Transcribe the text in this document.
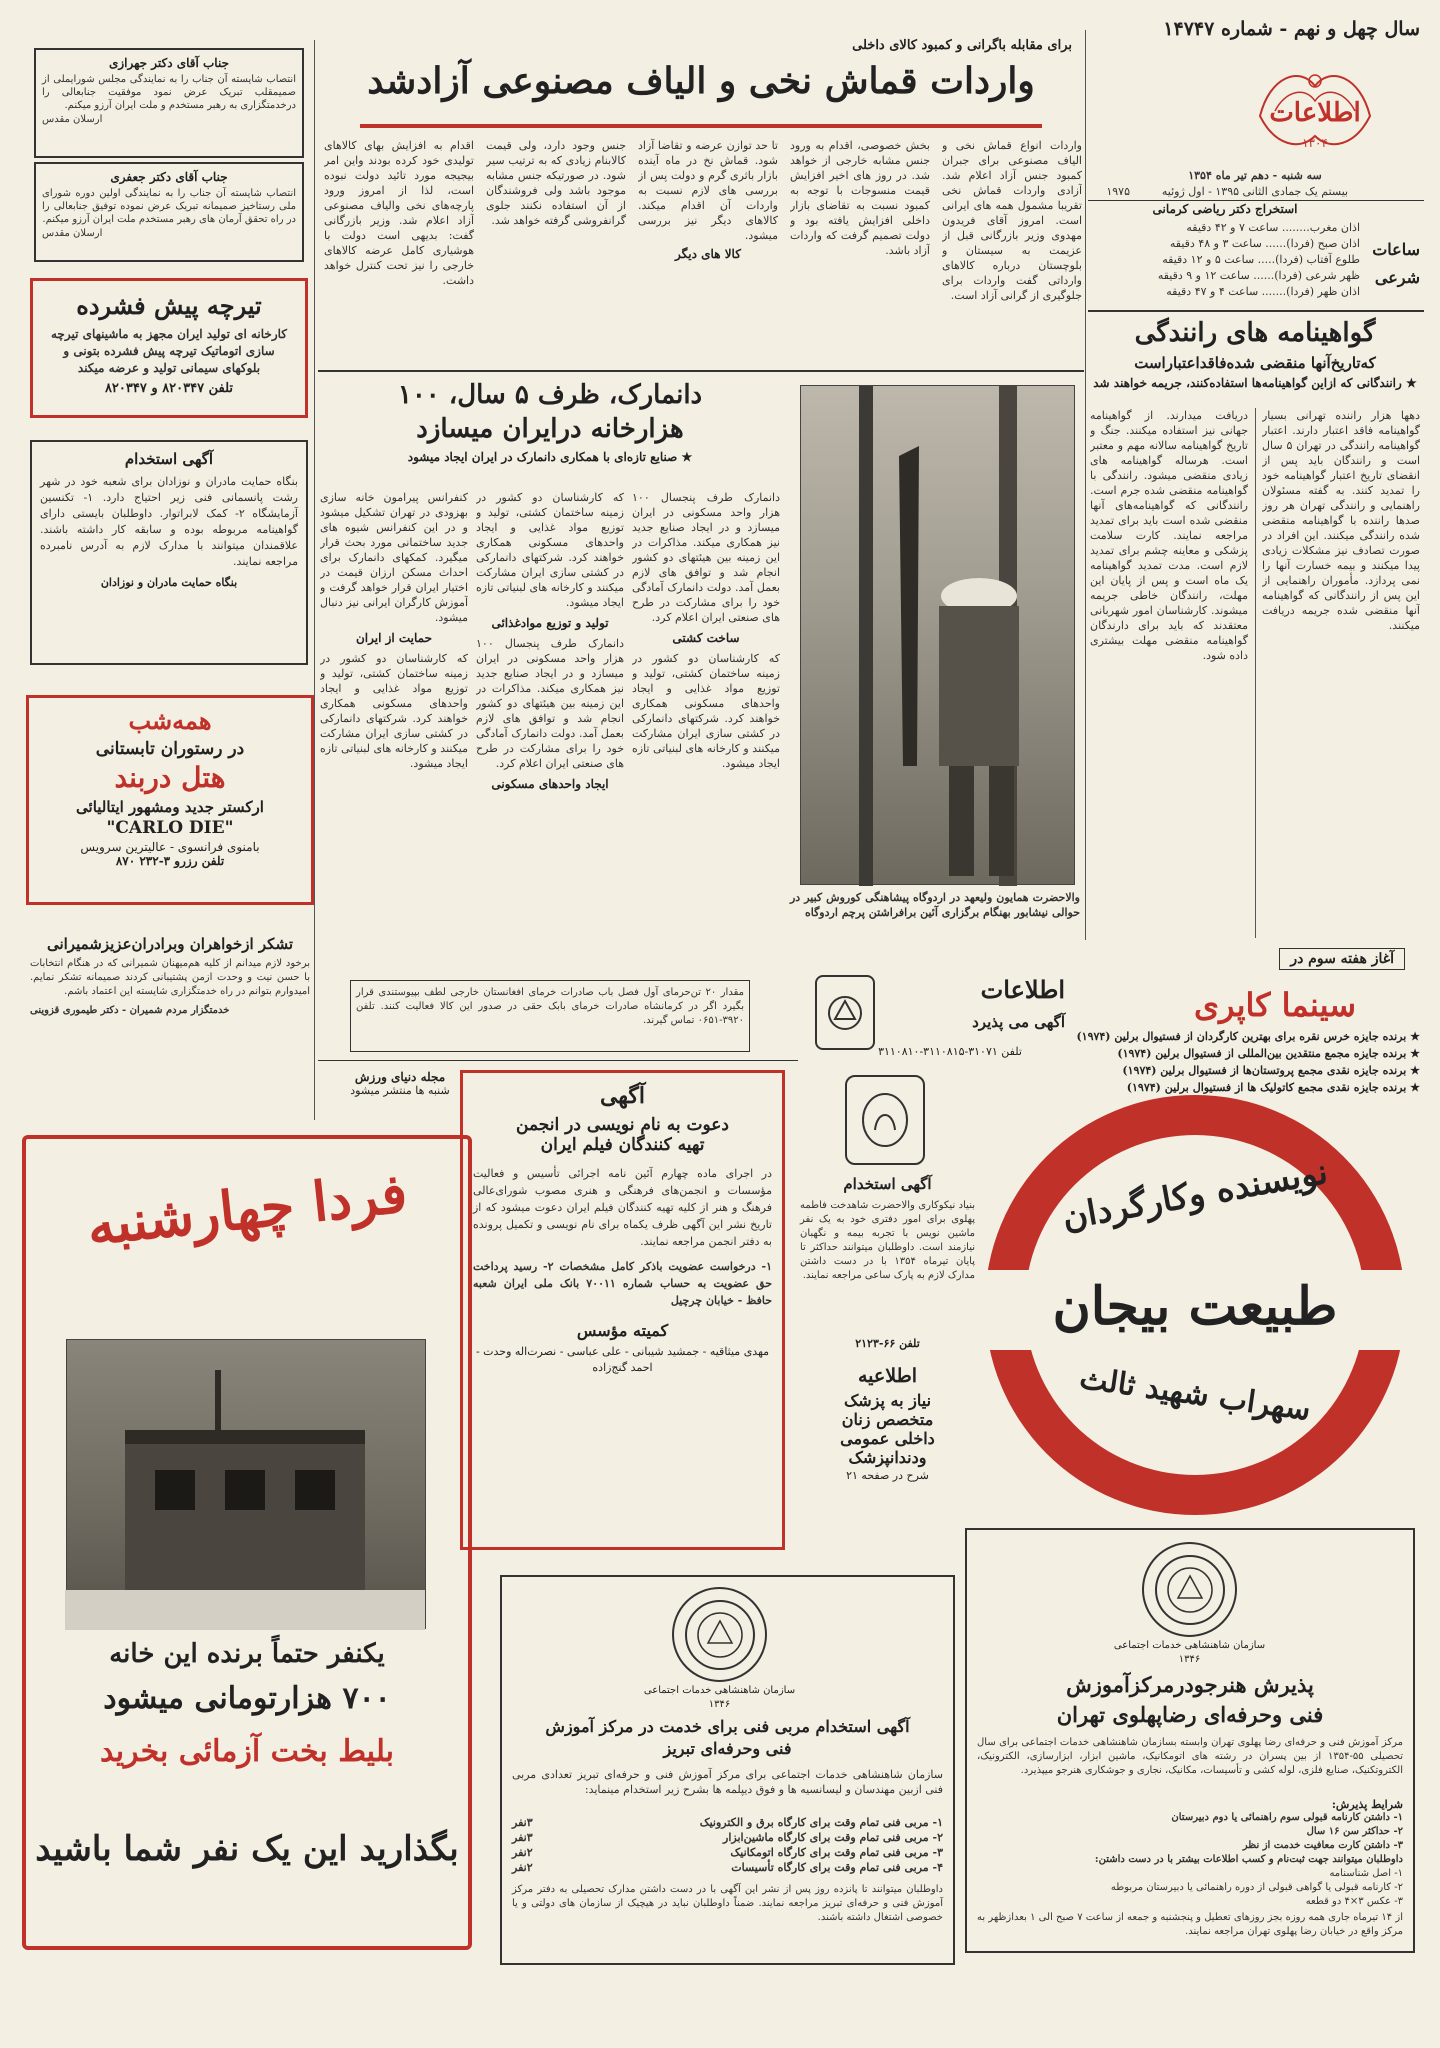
سال چهل و نهم - شماره ۱۴۷۴۷
اطلاعات
۱۳۰۴
سه شنبه - دهم تیر ماه ۱۳۵۴
بیستم یک جمادی الثانی ۱۳۹۵ - اول ژوئیه
۱۹۷۵
استخراج دکتر رياضی کرمانی
ساعات
شرعی
اذان مغرب........ ساعت ۷ و ۴۲ دقیقه
اذان صبح (فردا)...... ساعت ۳ و ۴۸ دقیقه
طلوع آفتاب (فردا)..... ساعت ۵ و ۱۲ دقیقه
ظهر شرعی (فردا)...... ساعت ۱۲ و ۹ دقیقه
اذان ظهر (فردا)....... ساعت ۴ و ۴۷ دقیقه
گواهینامه های رانندگی
که‌تاریخ‌آنها منقضی شده‌فاقداعتباراست
★ رانندگانی که ازاین گواهینامه‌ها استفاده‌کنند، جریمه خواهند شد
دهها هزار راننده تهرانی بسیار گواهینامه فاقد اعتبار دارند. اعتبار گواهینامه رانندگی در تهران ۵ سال است و رانندگان باید پس از انقضای تاریخ اعتبار گواهینامه خود را تمدید کنند. به گفته مسئولان راهنمایی و رانندگی تهران هر روز صدها راننده با گواهینامه منقضی شده رانندگی میکنند. این افراد در صورت تصادف نیز مشکلات زیادی پیدا میکنند و بیمه خسارت آنها را نمی پردازد. مأموران راهنمایی از این پس از رانندگانی که گواهینامه آنها منقضی شده جریمه دریافت میکنند.
دریافت میدارند. از گواهینامه جهانی نیز استفاده میکنند. جنگ و تاریخ گواهینامه سالانه مهم و معتبر است. هرساله گواهینامه های زیادی منقضی میشود. رانندگی با گواهینامه منقضی شده جرم است. رانندگانی که گواهینامه‌های آنها منقضی شده است باید برای تمدید مراجعه نمایند. کارت سلامت پزشکی و معاینه چشم برای تمدید لازم است. مدت تمدید گواهینامه یک ماه است و پس از پایان این مهلت، رانندگان خاطی جریمه میشوند. کارشناسان امور شهربانی معتقدند که باید برای دارندگان گواهینامه منقضی مهلت بیشتری داده شود.
جناب آقای دکتر جهرازی
انتصاب شایسته آن جناب را به نمایندگی مجلس شورایملی از صمیمقلب تبریک عرض نمود موفقیت جنابعالی را درخدمتگزاری به رهبر مستخدم و ملت ایران آرزو میکنم.
ارسلان مقدس
جناب آقای دکتر جعفری
انتصاب شایسته آن جناب را به نمایندگی اولین دوره شورای ملی رستاخیز صمیمانه تبریک عرض نموده توفیق جنابعالی را در راه تحقق آرمان های رهبر مستخدم ملت ایران آرزو میکنم.
ارسلان مقدس
تیرچه پیش فشرده
کارخانه ای تولید ایران مجهز به ماشینهای تیرچه سازی اتوماتیک تیرچه پیش فشرده بتونی و بلوکهای سیمانی تولید و عرضه میکند
تلفن ۸۲۰۳۴۷ و ۸۲۰۳۴۷
آگهی استخدام
بنگاه حمایت مادران و نوزادان برای شعبه خود در شهر رشت پانسمانی فنی زیر احتیاج دارد. ۱- تکنسین آزمایشگاه ۲- کمک لابراتوار. داوطلبان بایستی دارای گواهینامه مربوطه بوده و سابقه کار داشته باشند. علاقمندان میتوانند با مدارک لازم به آدرس نامبرده مراجعه نمایند.
بنگاه حمایت مادران و نوزادان
همه‌شب
در رستوران تابستانی
هتل دربند
ارکستر جدید ومشهور ایتالیائی
"CARLO DIE"
بامنوی فرانسوی - عالیترین سرویس
تلفن رزرو ۳-۲۳۲ ۸۷۰
تشکر ازخواهران وبرادران‌عزیزشمیرانی
برخود لازم میدانم از کلیه هم‌میهنان شمیرانی که در هنگام انتخابات با حسن نیت و وحدت ازمن پشتیبانی کردند صمیمانه تشکر نمایم. امیدوارم بتوانم در راه خدمتگزاری شایسته این اعتماد باشم.
خدمتگزار مردم شمیران - دکتر طیموری قزوینی
فردا چهارشنبه
یکنفر حتماً برنده این خانه
۷۰۰ هزارتومانی میشود
بلیط بخت آزمائی بخرید
بگذارید این یک نفر شما باشید
برای مقابله باگرانی و کمبود کالای داخلی
واردات قماش نخی و الیاف مصنوعی آزادشد
واردات انواع قماش نخی و الیاف مصنوعی برای جبران کمبود جنس آزاد اعلام شد. آزادی واردات قماش نخی تقریبا مشمول همه های ایرانی است. امروز آقای فریدون مهدوی وزیر بازرگانی قبل از عزیمت به سیستان و بلوچستان درباره کالاهای وارداتی گفت واردات برای جلوگیری از گرانی آزاد است.
بخش خصوصی، اقدام به ورود جنس مشابه خارجی از خواهد شد. در روز های اخیر افزایش قیمت منسوجات با توجه به کمبود نسبت به تقاضای بازار داخلی افزایش یافته بود و دولت تصمیم گرفت که واردات آزاد باشد.
تا حد توازن عرضه و تقاضا آزاد شود. قماش نخ در ماه آینده بازار باثری گرم و دولت پس از بررسی های لازم نسبت به واردات آن اقدام میکند. کالاهای دیگر نیز بررسی میشود.
کالا های دیگر
جنس وجود دارد، ولی قیمت کالابنام زیادی که به ترتیب سیر شود. در صورتیکه جنس مشابه موجود باشد ولی فروشندگان از آن استفاده نکنند جلوی گرانفروشی گرفته خواهد شد.
اقدام به افزایش بهای کالاهای تولیدی خود کرده بودند واین امر بیجیجه مورد تائید دولت نبوده است، لذا از امروز ورود پارچه‌های نخی والیاف مصنوعی آزاد اعلام شد. وزیر بازرگانی گفت: بدیهی است دولت با هوشیاری کامل عرضه کالاهای خارجی را نیز تحت کنترل خواهد داشت.
دانمارک، ظرف ۵ سال، ۱۰۰
هزارخانه درایران میسازد
★ صنایع تازه‌ای با همکاری دانمارک در ایران ایجاد میشود
دانمارک طرف پنجسال ۱۰۰ هزار واحد مسکونی در ایران میسازد و در ایجاد صنایع جدید نیز همکاری میکند. مذاکرات در این زمینه بین هیئتهای دو کشور انجام شد و توافق های لازم بعمل آمد. دولت دانمارک آمادگی خود را برای مشارکت در طرح های صنعتی ایران اعلام کرد.
ساخت کشتی
که کارشناسان دو کشور در زمینه ساختمان کشتی، تولید و توزیع مواد غذایی و ایجاد واحدهای مسکونی همکاری خواهند کرد. شرکتهای دانمارکی در کشتی سازی ایران مشارکت میکنند و کارخانه های لبنیاتی تازه ایجاد میشود.
که کارشناسان دو کشور در زمینه ساختمان کشتی، تولید و توزیع مواد غذایی و ایجاد واحدهای مسکونی همکاری خواهند کرد. شرکتهای دانمارکی در کشتی سازی ایران مشارکت میکنند و کارخانه های لبنیاتی تازه ایجاد میشود.
تولید و توزیع موادغذائی
دانمارک طرف پنجسال ۱۰۰ هزار واحد مسکونی در ایران میسازد و در ایجاد صنایع جدید نیز همکاری میکند. مذاکرات در این زمینه بین هیئتهای دو کشور انجام شد و توافق های لازم بعمل آمد. دولت دانمارک آمادگی خود را برای مشارکت در طرح های صنعتی ایران اعلام کرد.
ایجاد واحدهای مسکونی
کنفرانس پیرامون خانه سازی بهزودی در تهران تشکیل میشود و در این کنفرانس شیوه های جدید ساختمانی مورد بحث قرار میگیرد. کمکهای دانمارک برای احداث مسکن ارزان قیمت در اختیار ایران قرار خواهد گرفت و آموزش کارگران ایرانی نیز دنبال میشود.
حمایت از ایران
که کارشناسان دو کشور در زمینه ساختمان کشتی، تولید و توزیع مواد غذایی و ایجاد واحدهای مسکونی همکاری خواهند کرد. شرکتهای دانمارکی در کشتی سازی ایران مشارکت میکنند و کارخانه های لبنیاتی تازه ایجاد میشود.
والاحضرت همایون ولیعهد در اردوگاه پیشاهنگی کوروش کبیر در حوالی نیشابور بهنگام برگزاری آئین برافراشتن پرچم اردوگاه
مقدار ۲۰ تن‌حرمای آول فصل باب صادرات خرمای افغانستان خارجی لطف بپیوستندی قرار بگیرد اگر در کرمانشاه صادرات خرمای بابک حقی در صدور این کالا فعالیت کنند. تلفن ۳۹۲۰-۰۶۵۱ تماس گیرند.
مجله دنیای ورزش
شنبه ها منتشر میشود
اطلاعات
آگهی می پذیرد
تلفن ۳۱۰۷۱-۳۱۱۰۸۱۵-۳۱۱۰۸۱۰
آغاز هفته سوم در
سینما کاپری
★ برنده جایزه خرس نقره برای بهترین کارگردان از فستیوال برلین (۱۹۷۴)
★ برنده جایزه مجمع منتقدین بین‌المللی از فستیوال برلین (۱۹۷۴)
★ برنده جایزه نقدی مجمع پروتستان‌ها از فستیوال برلین (۱۹۷۴)
★ برنده جایزه نقدی مجمع کاتولیک ها از فستیوال برلین (۱۹۷۴)
نویسنده وکارگردان
طبیعت بیجان
سهراب شهید ثالث
آگهی
دعوت به نام نویسی در انجمن
تهیه کنندگان فیلم ایران
در اجرای ماده چهارم آئین نامه اجرائی تأسیس و فعالیت مؤسسات و انجمن‌های فرهنگی و هنری مصوب شورای‌عالی فرهنگ و هنر از کلیه تهیه کنندگان فیلم ایران دعوت میشود که از تاریخ نشر این آگهی ظرف یکماه برای نام نویسی و تکمیل پرونده به دفتر انجمن مراجعه نمایند.
۱- درخواست عضویت باذکر کامل مشخصات ۲- رسید پرداخت حق عضویت به حساب شماره ۷۰۰۱۱ بانک ملی ایران شعبه حافظ - خیابان چرچیل
کمیته مؤسس
مهدی میثاقیه - جمشید شیبانی - علی عباسی - نصرت‌اله وحدت - احمد گنج‌زاده
آگهی استخدام
بنیاد نیکوکاری والاحضرت شاهدخت فاطمه پهلوی برای امور دفتری خود به یک نفر ماشین نویس با تجربه بیمه و نگهبان نیازمند است. داوطلبان میتوانند حداکثر تا پایان تیرماه ۱۳۵۴ با در دست داشتن مدارک لازم به پارک ساعی مراجعه نمایند.
تلفن ۶۶-۲۱۲۳
اطلاعیه
نیاز به پزشک
متخصص زنان
داخلی عمومی
ودندانپزشک
شرح در صفحه ۲۱
سازمان شاهنشاهی خدمات اجتماعی
۱۳۴۶
آگهی استخدام مربی فنی برای خدمت در مرکز آموزش
فنی وحرفه‌ای تبریز
سازمان شاهنشاهی خدمات اجتماعی برای مرکز آموزش فنی و حرفه‌ای تبریز تعدادی مربی فنی ازبین مهندسان و لیسانسیه ها و فوق دیپلمه ها بشرح زیر استخدام مینماید:
۱- مربی فنی تمام وقت برای کارگاه برق و الکترونیک
۳نفر
۲- مربی فنی تمام وقت برای کارگاه ماشین‌ابزار
۳نفر
۳- مربی فنی تمام وقت برای کارگاه اتومکانیک
۲نفر
۴- مربی فنی تمام وقت برای کارگاه تأسیسات
۲نفر
داوطلبان میتوانند تا پانزده روز پس از نشر این آگهی با در دست داشتن مدارک تحصیلی به دفتر مرکز آموزش فنی و حرفه‌ای تبریز مراجعه نمایند. ضمناً داوطلبان نباید در هیچیک از سازمان های دولتی و یا خصوصی اشتغال داشته باشند.
سازمان شاهنشاهی خدمات اجتماعی
۱۳۴۶
پذیرش هنرجودرمرکزآموزش
فنی وحرفه‌ای رضاپهلوی تهران
مرکز آموزش فنی و حرفه‌ای رضا پهلوی تهران وابسته بسازمان شاهنشاهی خدمات اجتماعی برای سال تحصیلی ۵۵-۱۳۵۴ از بین پسران در رشته های اتومکانیک، ماشین ابزار، ابزارسازی، الکترونیک، الکتروتکنیک، صنایع فلزی، لوله کشی و تأسیسات، مکانیک، نجاری و جوشکاری هنرجو میپذیرد.
شرایط پذیرش:
۱- داشتن کارنامه قبولی سوم راهنمائی یا دوم دبیرستان
۲- حداکثر سن ۱۶ سال
۳- داشتن کارت معافیت خدمت از نظر
داوطلبان میتوانند جهت ثبت‌نام و کسب اطلاعات بیشتر با در دست داشتن:
۱- اصل شناسنامه
۲- کارنامه قبولی یا گواهی قبولی از دوره راهنمائی یا دبیرستان مربوطه
۳- عکس ۳×۴ دو قطعه
از ۱۴ تیرماه جاری همه روزه بجز روزهای تعطیل و پنجشنبه و جمعه از ساعت ۷ صبح الی ۱ بعدازظهر به مرکز واقع در خیابان رضا پهلوی تهران مراجعه نمایند.
